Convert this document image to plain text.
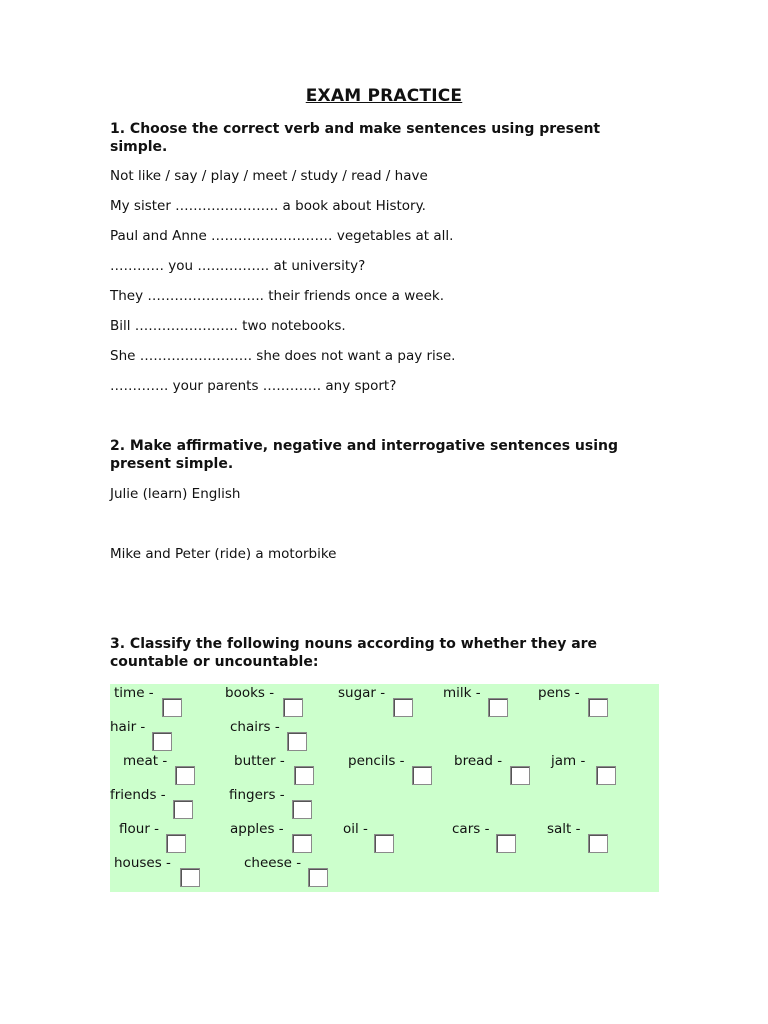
EXAM PRACTICE
1. Choose the correct verb and make sentences using present simple.
Not like / say / play / meet / study / read / have
My sister ………………….. a book about History.
Paul and Anne ……………………… vegetables at all.
………… you ……………. at university?
They …………………….. their friends once a week.
Bill ………………….. two notebooks.
She ……………………. she does not want a pay rise.
…………. your parents …………. any sport?
2. Make affirmative, negative and interrogative sentences using present simple.
Julie (learn) English
Mike and Peter (ride) a motorbike
3. Classify the following nouns according to whether they are countable or uncountable:
time -	books -	sugar -	milk -	pens -
hair -	chairs -
meat -	butter -	pencils -	bread -	jam -
friends -	fingers -
flour -	apples -	oil -	cars -	salt -
houses -	cheese -
